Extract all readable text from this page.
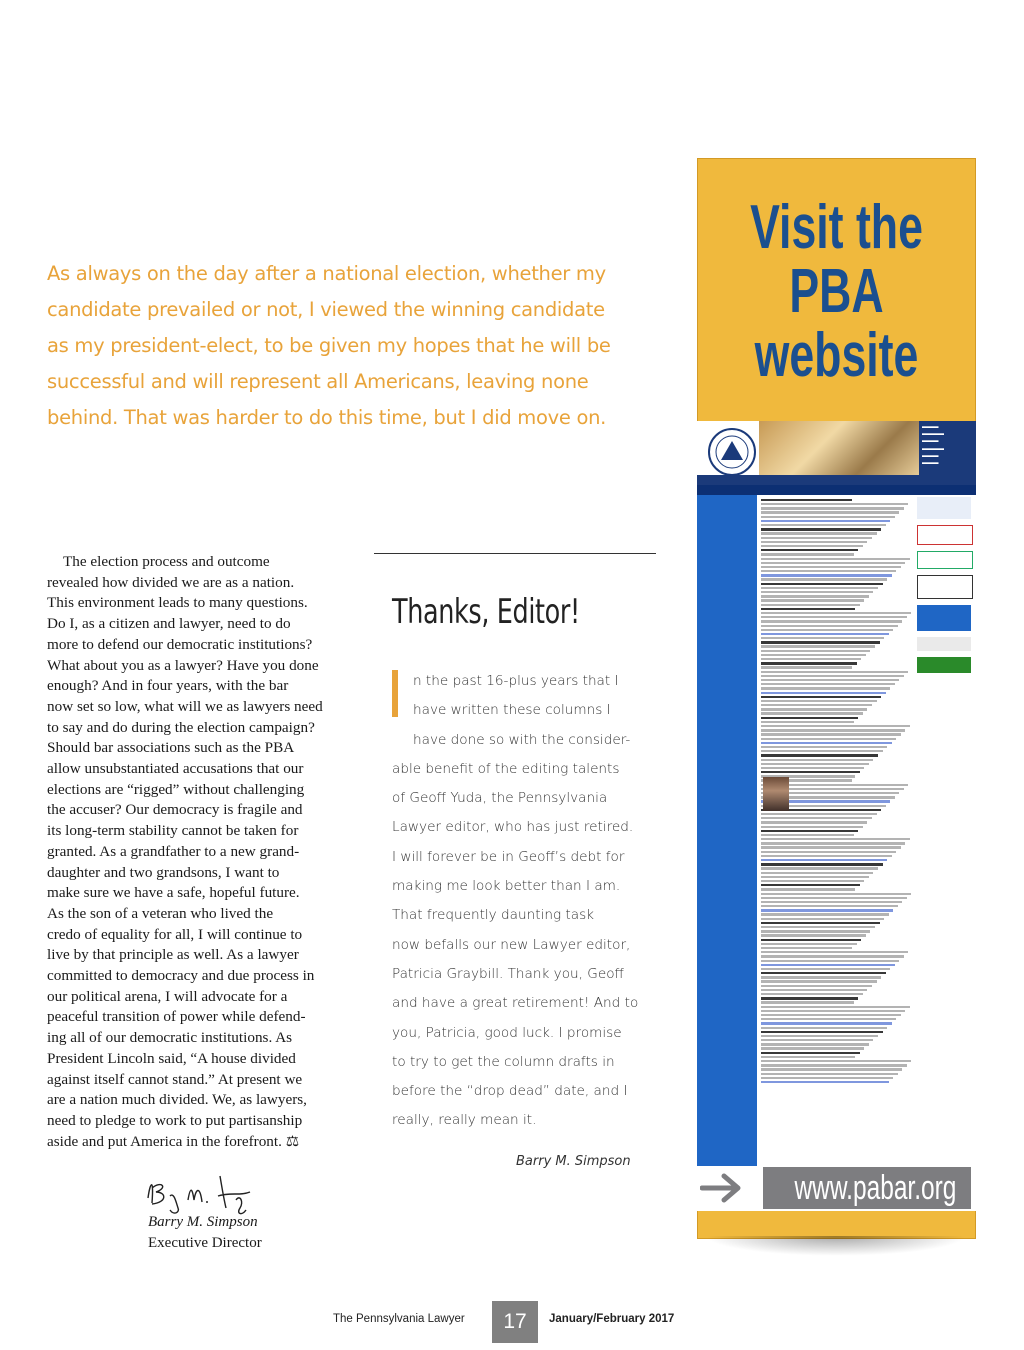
As always on the day after a national election, whether my
candidate prevailed or not, I viewed the winning candidate
as my president-elect, to be given my hopes that he will be
successful and will represent all Americans, leaving none
behind. That was harder to do this time, but I did move on.
The election process and outcome
revealed how divided we are as a nation.
This environment leads to many questions.
Do I, as a citizen and lawyer, need to do
more to defend our democratic institutions?
What about you as a lawyer? Have you done
enough? And in four years, with the bar
now set so low, what will we as lawyers need
to say and do during the election campaign?
Should bar associations such as the PBA
allow unsubstantiated accusations that our
elections are “rigged” without challenging
the accuser? Our democracy is fragile and
its long-term stability cannot be taken for
granted. As a grandfather to a new grand-
daughter and two grandsons, I want to
make sure we have a safe, hopeful future.
As the son of a veteran who lived the
credo of equality for all, I will continue to
live by that principle as well. As a lawyer
committed to democracy and due process in
our political arena, I will advocate for a
peaceful transition of power while defend-
ing all of our democratic institutions. As
President Lincoln said, “A house divided
against itself cannot stand.” At present we
are a nation much divided. We, as lawyers,
need to pledge to work to put partisanship
aside and put America in the forefront. ⚖
Barry M. Simpson
Executive Director
Thanks, Editor!
n the past 16-plus years that I
have written these columns I
have done so with the consider-
able benefit of the editing talents
of Geoff Yuda, the Pennsylvania
Lawyer editor, who has just retired.
I will forever be in Geoff’s debt for
making me look better than I am.
That frequently daunting task
now befalls our new Lawyer editor,
Patricia Graybill. Thank you, Geoff
and have a great retirement! And to
you, Patricia, good luck. I promise
to try to get the column drafts in
before the “drop dead” date, and I
really, really mean it.
Barry M. Simpson
Visit the
PBA
website
▬▬▬
▬▬▬▬
▬▬▬
▬▬▬▬
▬▬▬
▬▬▬
www.pabar.org
The Pennsylvania Lawyer	17	January/February 2017
